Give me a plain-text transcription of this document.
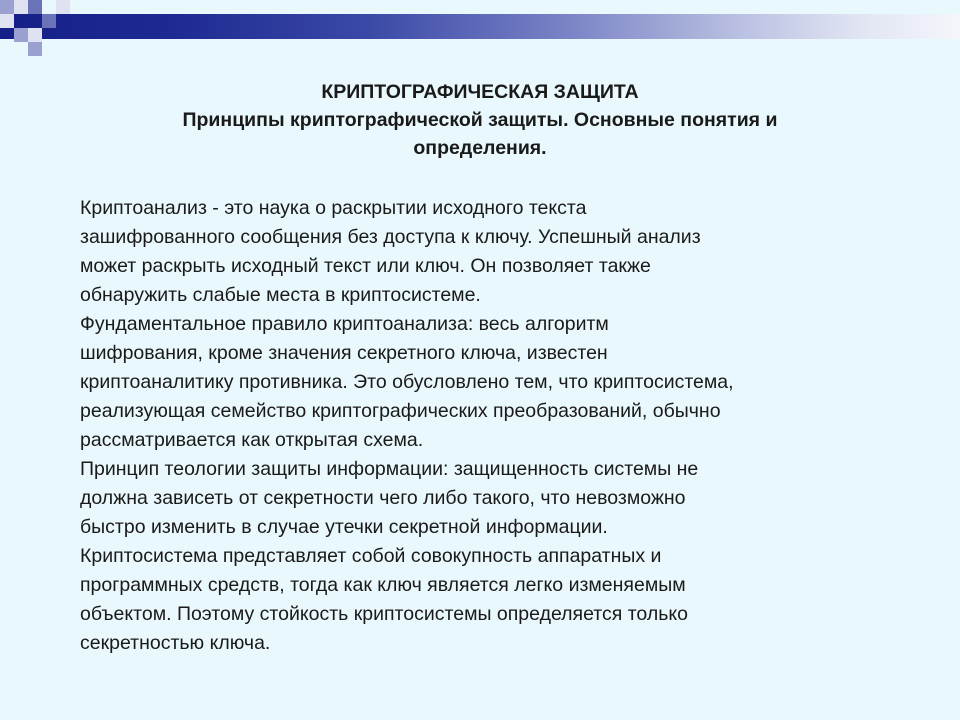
КРИПТОГРАФИЧЕСКАЯ ЗАЩИТА
Принципы криптографической защиты. Основные понятия и
определения.

Криптоанализ - это наука о раскрытии исходного текста
зашифрованного сообщения без доступа к ключу. Успешный анализ
может раскрыть исходный текст или ключ. Он позволяет также
обнаружить слабые места в криптосистеме.

Фундаментальное правило криптоанализа: весь алгоритм
шифрования, кроме значения секретного ключа, известен
криптоаналитику противника. Это обусловлено тем, что криптосистема,
реализующая семейство криптографических преобразований, обычно
рассматривается как открытая схема.

Принцип теологии защиты информации: защищенность системы не
должна зависеть от секретности чего либо такого, что невозможно
быстро изменить в случае утечки секретной информации.
Криптосистема представляет собой совокупность аппаратных и
программных средств, тогда как ключ является легко изменяемым
объектом. Поэтому стойкость криптосистемы определяется только
секретностью ключа.
